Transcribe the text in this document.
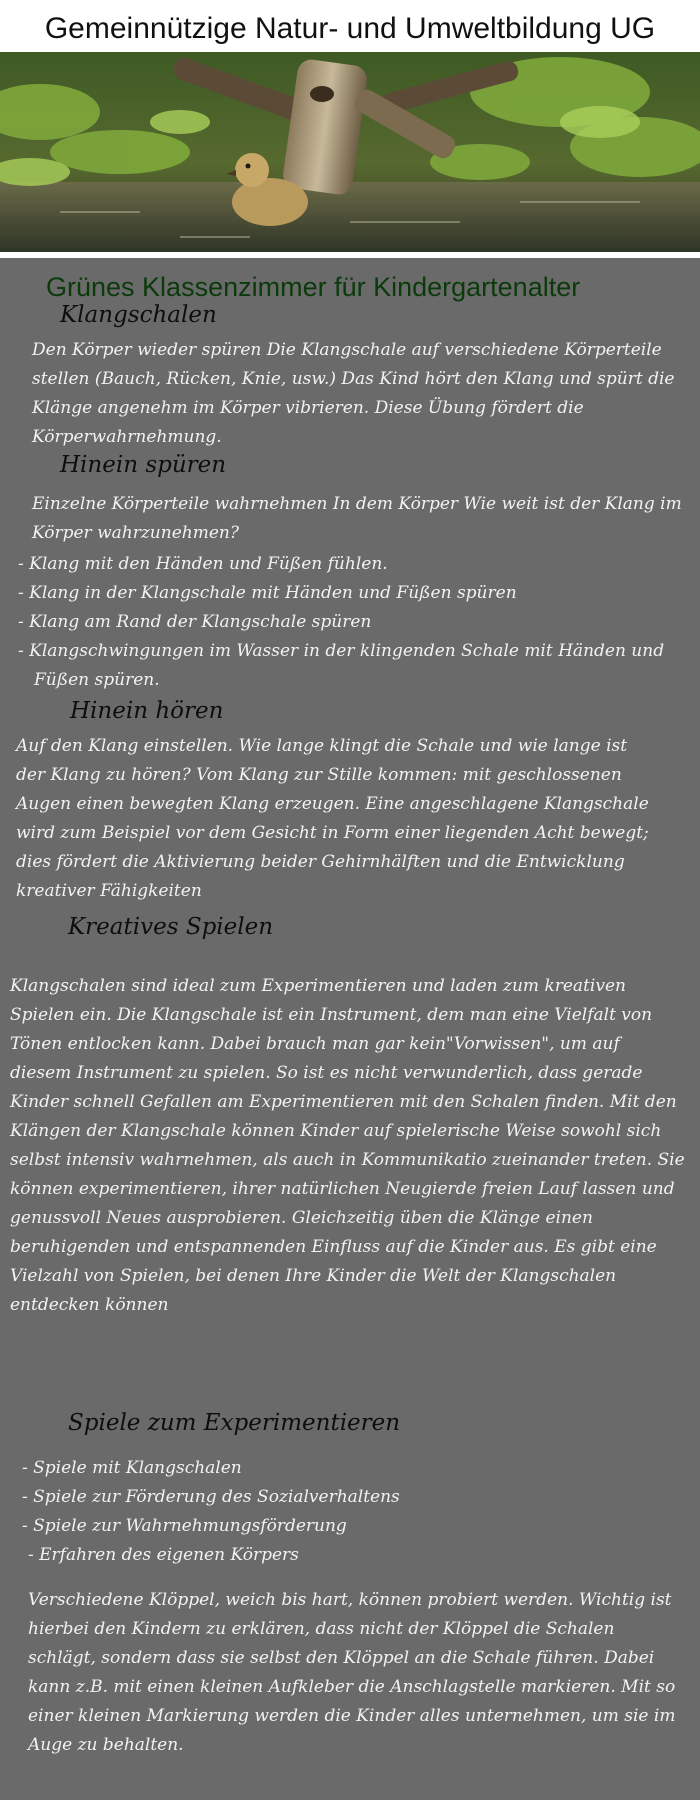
Gemeinnützige Natur- und Umweltbildung UG
Grünes Klassenzimmer für Kindergartenalter
Klangschalen

Den Körper wieder spüren Die Klangschale auf verschiedene Körperteile stellen (Bauch, Rücken, Knie, usw.) Das Kind hört den Klang und spürt die Klänge angenehm im Körper vibrieren. Diese Übung fördert die Körperwahrnehmung.

Hinein spüren

Einzelne Körperteile wahrnehmen In dem Körper Wie weit ist der Klang im Körper wahrzunehmen?

- Klang mit den Händen und Füßen fühlen.
- Klang in der Klangschale mit Händen und Füßen spüren
- Klang am Rand der Klangschale spüren
- Klangschwingungen im Wasser in der klingenden Schale mit Händen und Füßen spüren.
Hinein hören

Auf den Klang einstellen. Wie lange klingt die Schale und wie lange ist der Klang zu hören? Vom Klang zur Stille kommen: mit geschlossenen Augen einen bewegten Klang erzeugen. Eine angeschlagene Klangschale wird zum Beispiel vor dem Gesicht in Form einer liegenden Acht bewegt; dies fördert die Aktivierung beider Gehirnhälften und die Entwicklung kreativer Fähigkeiten

Kreatives Spielen

Klangschalen sind ideal zum Experimentieren und laden zum kreativen Spielen ein. Die Klangschale ist ein Instrument, dem man eine Vielfalt von Tönen entlocken kann. Dabei brauch man gar kein"Vorwissen", um auf diesem Instrument zu spielen. So ist es nicht verwunderlich, dass gerade Kinder schnell Gefallen am Experimentieren mit den Schalen finden. Mit den Klängen der Klangschale können Kinder auf spielerische Weise sowohl sich selbst intensiv wahrnehmen, als auch in Kommunikatio zueinander treten. Sie können experimentieren, ihrer natürlichen Neugierde freien Lauf lassen und genussvoll Neues ausprobieren. Gleichzeitig üben die Klänge einen beruhigenden und entspannenden Einfluss auf die Kinder aus. Es gibt eine Vielzahl von Spielen, bei denen Ihre Kinder die Welt der Klangschalen entdecken können

Spiele zum Experimentieren
- Spiele mit Klangschalen
- Spiele zur Förderung des Sozialverhaltens
- Spiele zur Wahrnehmungsförderung
- Erfahren des eigenen Körpers

Verschiedene Klöppel, weich bis hart, können probiert werden. Wichtig ist hierbei den Kindern zu erklären, dass nicht der Klöppel die Schalen schlägt, sondern dass sie selbst den Klöppel an die Schale führen. Dabei kann z.B. mit einen kleinen Aufkleber die Anschlagstelle markieren. Mit so einer kleinen Markierung werden die Kinder alles unternehmen, um sie im Auge zu behalten.
